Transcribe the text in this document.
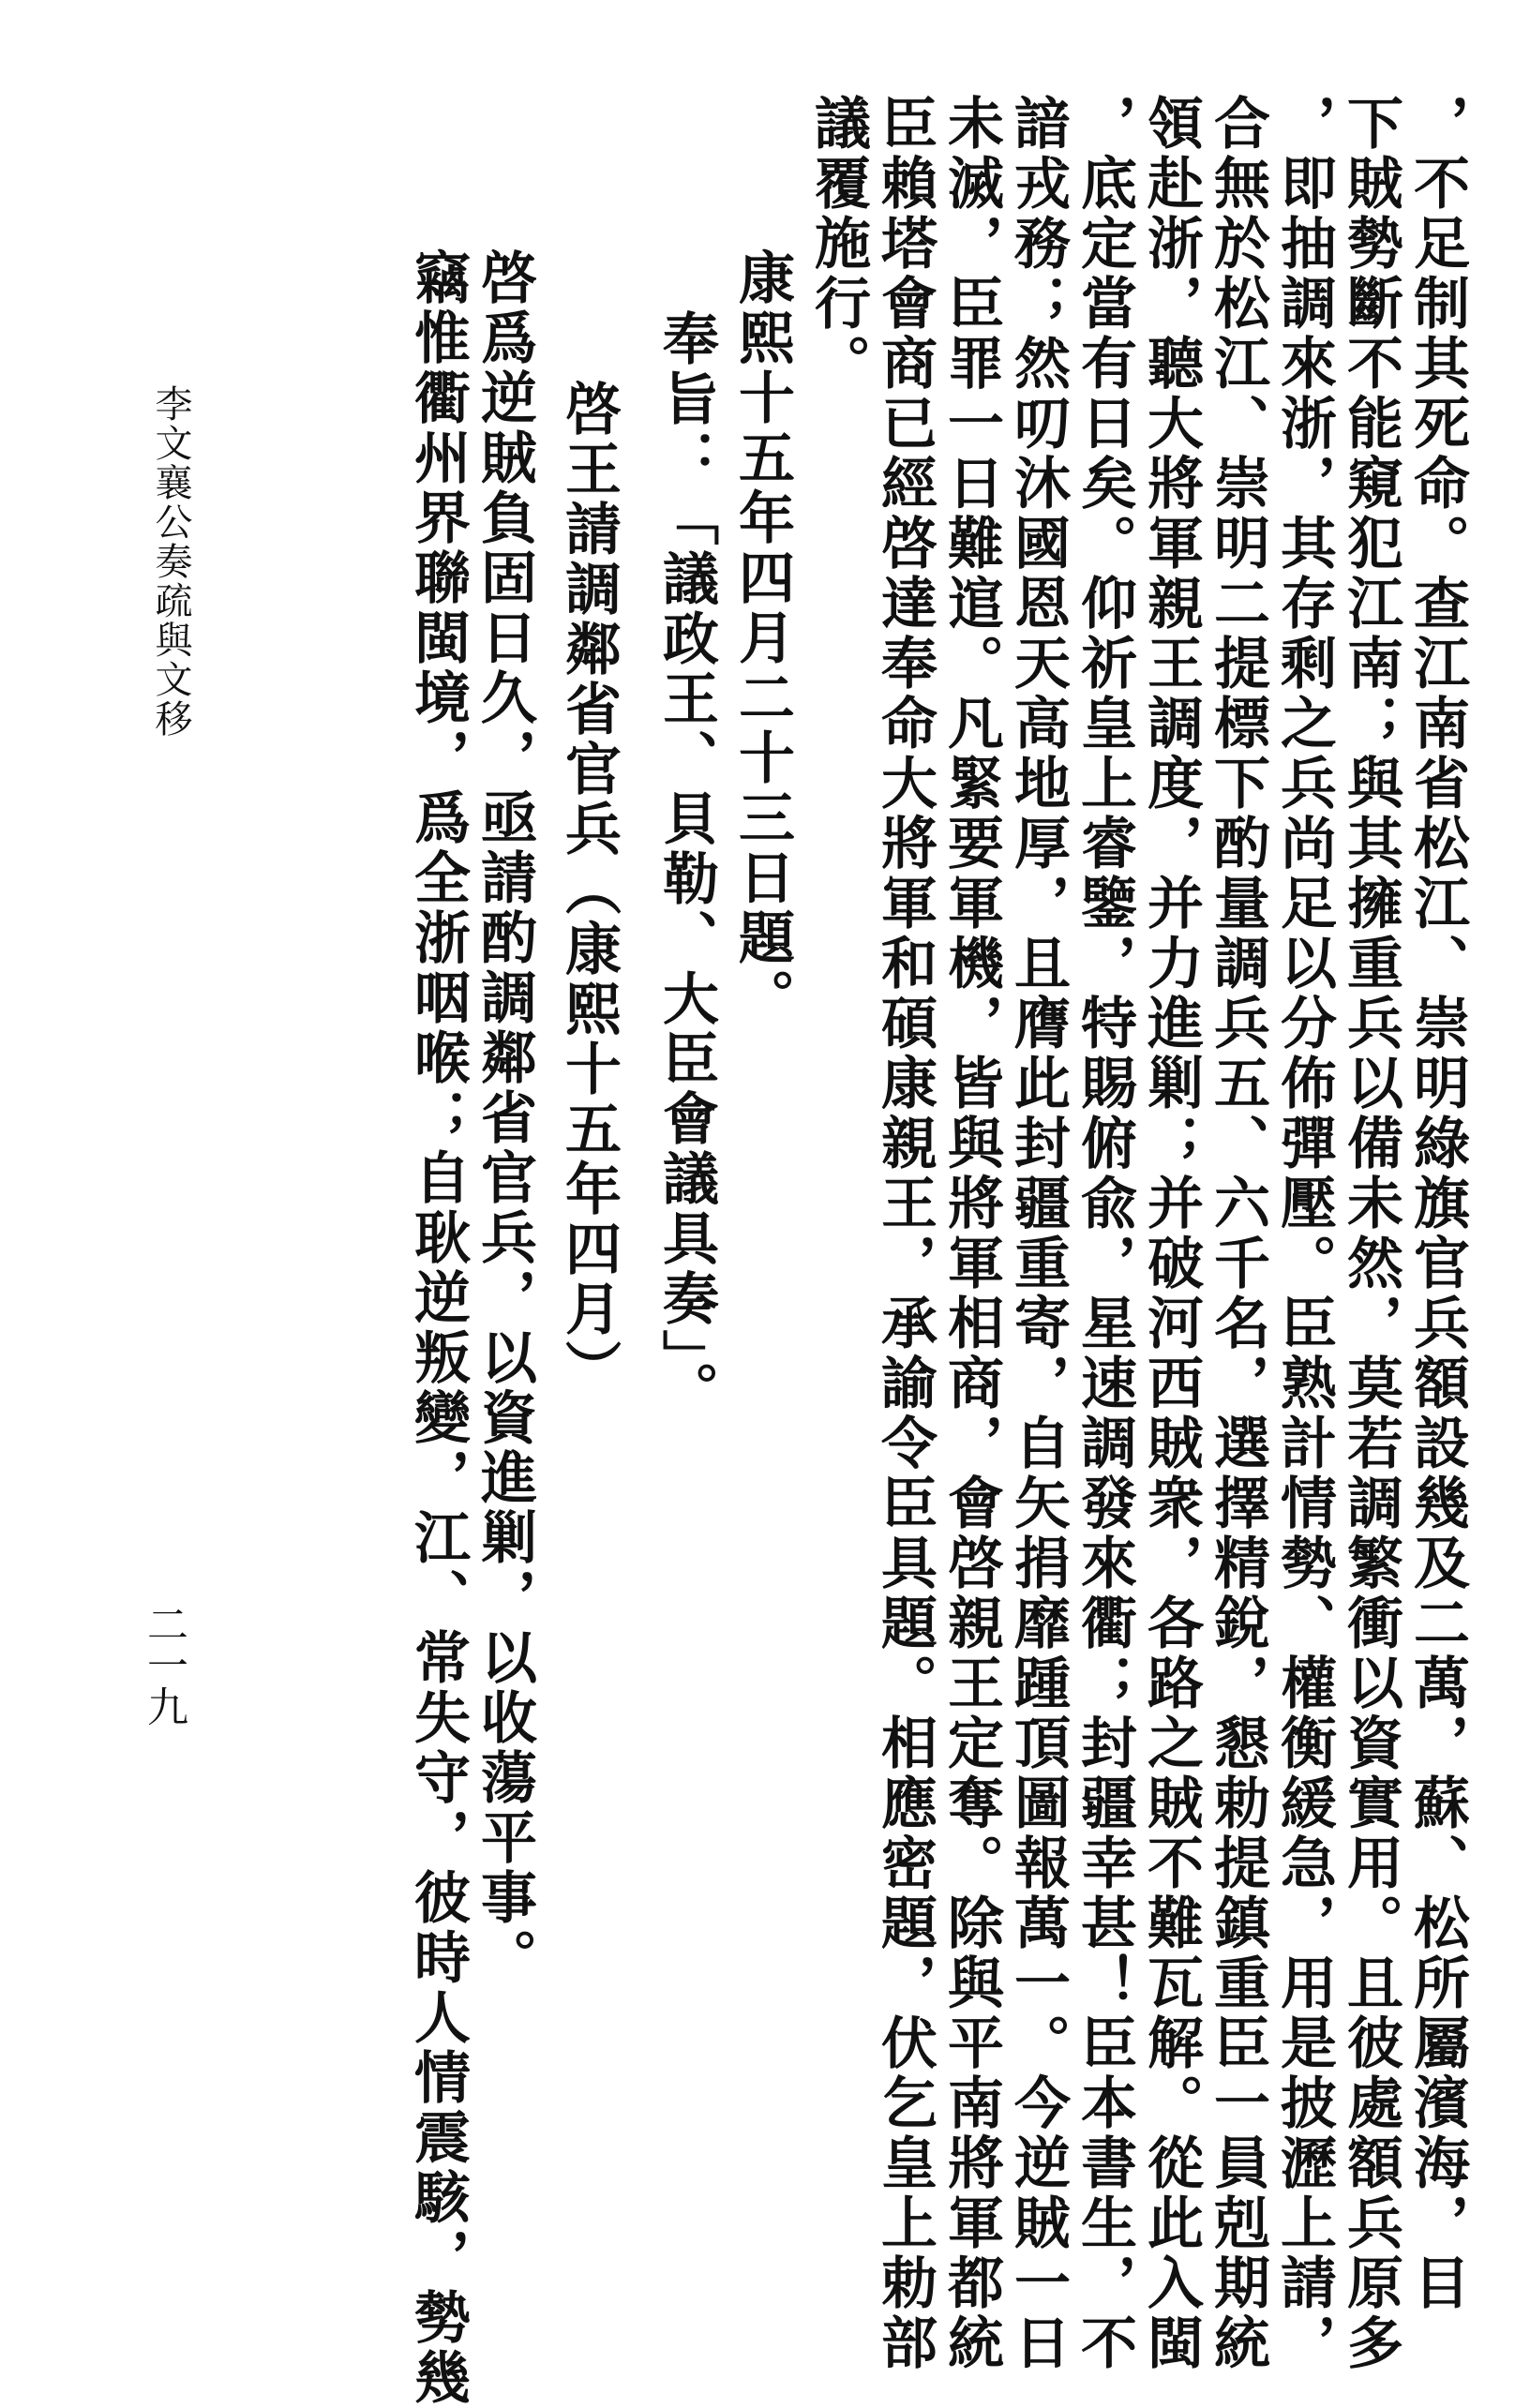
，不足制其死命。查江南省松江、崇明綠旗官兵額設幾及二萬，蘇、松所屬濱海，目
下賊勢斷不能窺犯江南；與其擁重兵以備未然，莫若調繁衝以資實用。且彼處額兵原多
，即抽調來浙，其存剩之兵尚足以分佈彈壓。臣熟計情勢、權衡緩急，用是披瀝上請，
合無於松江、崇明二提標下酌量調兵五、六千名，選擇精銳，懇勅提鎮重臣一員剋期統
領赴浙，聽大將軍親王調度，并力進剿；并破河西賊衆，各路之賊不難瓦解。從此入閩
，底定當有日矣。仰祈皇上睿鑒，特賜俯兪，星速調發來衢；封疆幸甚！臣本書生，不
諳戎務；然叨沐國恩天高地厚，且膺此封疆重寄，自矢捐靡踵頂圖報萬一。今逆賊一日
未滅，臣罪一日難逭。凡緊要軍機，皆與將軍相商，會啓親王定奪。除與平南將軍都統
臣賴塔會商已經啓達奉命大將軍和碩康親王，承諭令臣具題。相應密題，伏乞皇上勅部
議覆施行。
康熙十五年四月二十三日題。
奉旨：「議政王、貝勒、大臣會議具奏」。
啓王請調鄰省官兵（康熙十五年四月）
啓爲逆賊負固日久，亟請酌調鄰省官兵，以資進剿，以收蕩平事。
竊惟衢州界聯閩境，爲全浙咽喉；自耿逆叛變，江、常失守，彼時人情震駭，勢幾
李文襄公奏疏與文移
二一九
